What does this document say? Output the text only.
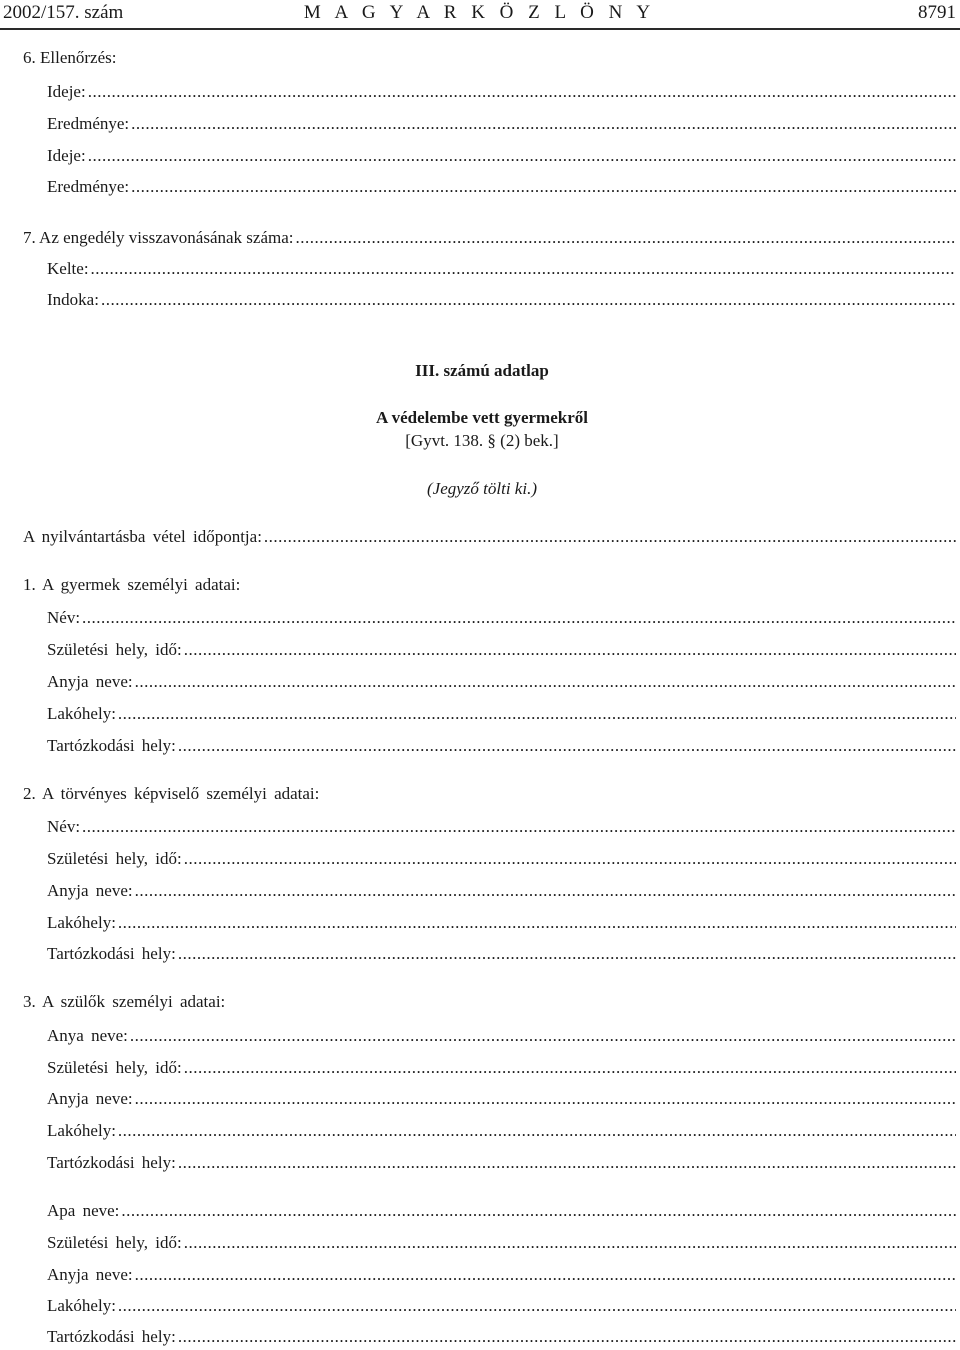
2002/157. szám	M A G Y A R K Ö Z L Ö N Y	8791
6. Ellenőrzés:
Ideje:
.....
Eredménye:
.....
Ideje:
.....
Eredménye:
.....
7. Az engedély visszavonásának száma:
.....
Kelte:
.....
Indoka:
.....
III. számú adatlap
A védelembe vett gyermekről
[Gyvt. 138. § (2) bek.]
(Jegyző tölti ki.)
A nyilvántartásba vétel időpontja:
.....
1. A gyermek személyi adatai:
Név:
.....
Születési hely, idő:
.....
Anyja neve:
.....
Lakóhely:
.....
Tartózkodási hely:
.....
2. A törvényes képviselő személyi adatai:
Név:
.....
Születési hely, idő:
.....
Anyja neve:
.....
Lakóhely:
.....
Tartózkodási hely:
.....
3. A szülők személyi adatai:
Anya neve:
.....
Születési hely, idő:
.....
Anyja neve:
.....
Lakóhely:
.....
Tartózkodási hely:
.....
Apa neve:
.....
Születési hely, idő:
.....
Anyja neve:
.....
Lakóhely:
.....
Tartózkodási hely:
.....
